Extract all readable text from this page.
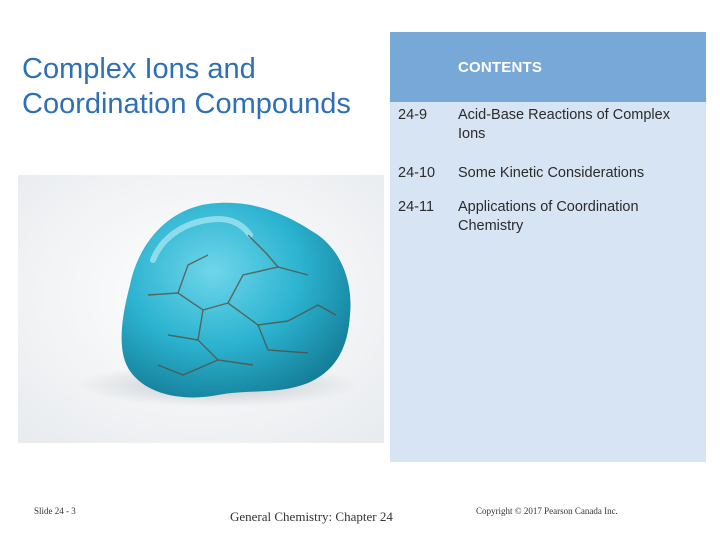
Complex Ions and
Coordination Compounds
CONTENTS
24-9 Acid-Base Reactions of Complex Ions
24-10 Some Kinetic Considerations
24-11 Applications of Coordination Chemistry
Slide 24 - 3	General Chemistry: Chapter 24	Copyright © 2017 Pearson Canada Inc.
